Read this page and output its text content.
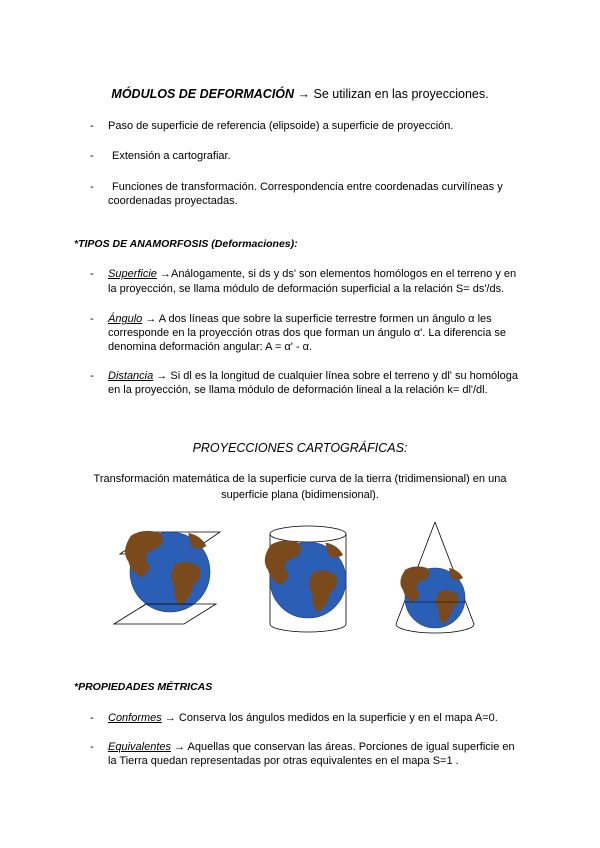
MÓDULOS DE DEFORMACIÓN → Se utilizan en las proyecciones.
- Paso de superficie de referencia (elipsoide) a superficie de proyección.
- Extensión a cartografiar.
- Funciones de transformación. Correspondencia entre coordenadas curvilíneas y
coordenadas proyectadas.
*TIPOS DE ANAMORFOSIS (Deformaciones):
- Superficie →Análogamente, si ds y ds' son elementos homólogos en el terreno y en
la proyección, se llama módulo de deformación superficial a la relación S= ds'/ds.
- Ángulo → A dos líneas que sobre la superficie terrestre formen un ángulo α les
corresponde en la proyección otras dos que forman un ángulo α'. La diferencia se
denomina deformación angular: A = α' - α.
- Distancia → Si dl es la longitud de cualquier línea sobre el terreno y dl' su homóloga
en la proyección, se llama módulo de deformación lineal a la relación k= dl'/dl.
PROYECCIONES CARTOGRÁFICAS:
Transformación matemática de la superficie curva de la tierra (tridimensional) en una
superficie plana (bidimensional).
*PROPIEDADES MÉTRICAS
- Conformes → Conserva los ángulos medidos en la superficie y en el mapa A=0.
- Equivalentes → Aquellas que conservan las áreas. Porciones de igual superficie en
la Tierra quedan representadas por otras equivalentes en el mapa S=1 .
